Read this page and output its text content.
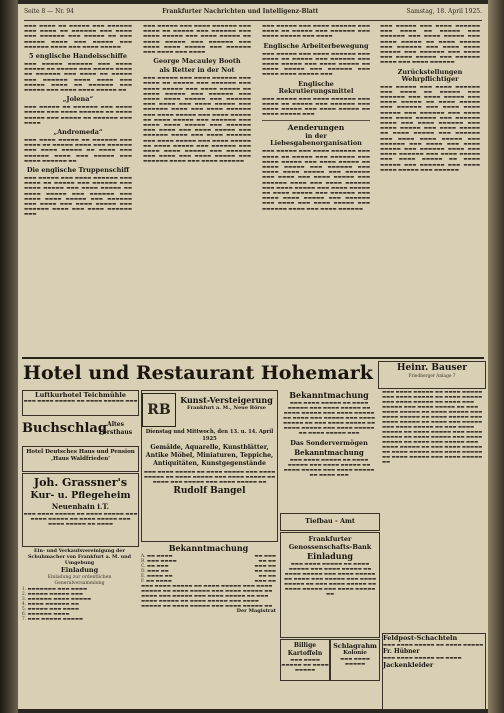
Seite 8 — Nr. 94	Frankfurter Nachrichten und Intelligenz-Blatt	Samstag, 18. April 1925.

▬▬▬ ▬▬▬▬ ▬▬ ▬▬▬▬▬ ▬▬▬ ▬▬▬▬▬▬ ▬▬▬ ▬▬▬▬ ▬▬ ▬▬▬▬▬▬ ▬▬▬ ▬▬▬▬ ▬▬▬ ▬▬▬▬▬▬ ▬▬▬ ▬▬▬▬▬ ▬▬ ▬▬▬ ▬▬▬▬▬ ▬▬▬▬ ▬▬▬ ▬▬▬▬▬ ▬▬▬ ▬▬▬▬▬▬ ▬▬▬▬ ▬▬▬ ▬▬▬▬ ▬▬▬▬▬

5 englische Handelsschiffe

▬▬▬ ▬▬▬▬▬ ▬▬▬▬▬▬ ▬▬▬ ▬▬▬▬ ▬▬▬▬▬ ▬▬ ▬▬▬▬▬ ▬▬▬ ▬▬▬▬▬ ▬▬▬▬ ▬▬ ▬▬▬▬▬▬ ▬▬▬ ▬▬▬▬ ▬▬ ▬▬▬▬▬ ▬▬▬ ▬▬▬▬▬▬ ▬▬▬▬ ▬▬▬▬ ▬▬▬ ▬▬▬▬▬ ▬▬▬▬ ▬▬ ▬▬▬▬▬▬ ▬▬▬ ▬▬▬▬▬ ▬▬▬ ▬▬▬▬ ▬▬▬▬ ▬▬▬▬▬ ▬▬

„Jolena“

▬▬▬ ▬▬▬▬▬ ▬▬ ▬▬▬▬▬▬ ▬▬▬ ▬▬▬▬ ▬▬▬▬▬ ▬▬▬ ▬▬▬▬ ▬▬▬▬▬▬ ▬▬ ▬▬▬▬ ▬▬▬▬▬ ▬▬▬ ▬▬▬▬▬ ▬▬ ▬▬▬▬▬▬ ▬▬▬ ▬▬▬▬

„Andromeda“

▬▬▬ ▬▬▬▬ ▬▬▬▬▬ ▬▬ ▬▬▬▬▬▬ ▬▬▬ ▬▬▬▬ ▬▬ ▬▬▬▬▬ ▬▬▬▬ ▬▬▬ ▬▬▬▬▬▬ ▬▬▬ ▬▬▬▬ ▬▬▬▬▬ ▬▬ ▬▬▬▬ ▬▬▬ ▬▬▬▬▬▬ ▬▬▬▬ ▬▬▬ ▬▬▬▬▬ ▬▬▬ ▬▬▬▬ ▬▬▬▬▬▬ ▬▬

Die englische Truppenschiff

▬▬▬ ▬▬▬▬▬ ▬▬▬ ▬▬▬▬ ▬▬▬▬▬▬ ▬▬▬ ▬▬▬▬ ▬▬ ▬▬▬▬▬ ▬▬▬ ▬▬▬▬▬▬ ▬▬▬ ▬▬▬▬ ▬▬▬▬▬ ▬▬▬ ▬▬▬▬ ▬▬▬▬▬ ▬▬ ▬▬▬▬ ▬▬▬▬▬ ▬▬▬ ▬▬▬▬▬▬ ▬▬▬ ▬▬▬▬ ▬▬▬▬ ▬▬▬▬▬ ▬▬▬ ▬▬▬▬▬▬ ▬▬▬ ▬▬▬▬ ▬▬▬ ▬▬▬▬ ▬▬▬▬▬ ▬▬▬ ▬▬▬▬▬▬ ▬▬▬▬ ▬▬▬ ▬▬▬▬ ▬▬▬▬▬▬ ▬▬▬

▬▬▬ ▬▬▬▬▬ ▬▬▬ ▬▬▬▬ ▬▬▬▬▬▬ ▬▬▬ ▬▬▬▬ ▬▬ ▬▬▬▬▬ ▬▬▬ ▬▬▬▬▬▬ ▬▬▬ ▬▬▬▬ ▬▬▬▬▬ ▬▬▬ ▬▬▬▬ ▬▬▬▬▬ ▬▬ ▬▬▬▬ ▬▬▬▬▬ ▬▬▬ ▬▬▬▬▬▬ ▬▬▬ ▬▬▬▬ ▬▬▬▬ ▬▬▬▬▬ ▬▬▬ ▬▬▬▬▬▬ ▬▬▬ ▬▬▬▬ ▬▬▬ ▬▬▬▬

George Macauley Booth
als Retter in der Not

▬▬▬ ▬▬▬▬▬ ▬▬▬ ▬▬▬▬ ▬▬▬▬▬▬ ▬▬▬ ▬▬▬▬ ▬▬ ▬▬▬▬▬ ▬▬▬ ▬▬▬▬▬▬ ▬▬▬ ▬▬▬▬ ▬▬▬▬▬ ▬▬▬ ▬▬▬▬ ▬▬▬▬▬ ▬▬ ▬▬▬▬ ▬▬▬▬▬ ▬▬▬ ▬▬▬▬▬▬ ▬▬▬ ▬▬▬▬ ▬▬▬▬ ▬▬▬▬▬ ▬▬▬ ▬▬▬▬▬▬ ▬▬▬ ▬▬▬▬ ▬▬▬ ▬▬▬▬ ▬▬▬▬▬ ▬▬▬ ▬▬▬▬▬▬ ▬▬▬▬ ▬▬▬ ▬▬▬▬ ▬▬▬▬▬▬ ▬▬▬ ▬▬▬▬ ▬▬▬▬▬ ▬▬▬ ▬▬▬▬ ▬▬▬▬▬ ▬▬ ▬▬▬▬ ▬▬▬▬▬ ▬▬▬ ▬▬▬▬▬▬ ▬▬▬ ▬▬▬▬ ▬▬▬▬ ▬▬▬▬▬ ▬▬▬ ▬▬▬▬▬▬ ▬▬▬ ▬▬▬▬ ▬▬▬ ▬▬▬▬ ▬▬▬▬▬ ▬▬▬ ▬▬▬▬▬▬ ▬▬▬▬ ▬▬▬ ▬▬▬▬ ▬▬▬▬▬▬ ▬▬▬ ▬▬▬▬ ▬▬▬▬▬ ▬▬▬ ▬▬▬▬ ▬▬▬▬▬ ▬▬ ▬▬▬▬ ▬▬▬▬▬ ▬▬▬ ▬▬▬▬▬▬ ▬▬▬ ▬▬▬▬ ▬▬▬▬ ▬▬▬▬▬ ▬▬▬ ▬▬▬▬▬▬ ▬▬▬ ▬▬▬▬ ▬▬▬ ▬▬▬▬ ▬▬▬▬▬ ▬▬▬ ▬▬▬▬▬▬ ▬▬▬▬ ▬▬▬ ▬▬▬▬ ▬▬▬▬▬▬

▬▬▬ ▬▬▬▬▬ ▬▬▬ ▬▬▬▬ ▬▬▬▬▬▬ ▬▬▬ ▬▬▬▬ ▬▬ ▬▬▬▬▬ ▬▬▬ ▬▬▬▬▬▬ ▬▬▬ ▬▬▬▬ ▬▬▬▬▬ ▬▬▬ ▬▬▬▬

Englische Arbeiterbewegung

▬▬▬ ▬▬▬▬▬ ▬▬▬ ▬▬▬▬ ▬▬▬▬▬▬ ▬▬▬ ▬▬▬▬ ▬▬ ▬▬▬▬▬ ▬▬▬ ▬▬▬▬▬▬ ▬▬▬ ▬▬▬▬ ▬▬▬▬▬ ▬▬▬ ▬▬▬▬ ▬▬▬▬▬ ▬▬ ▬▬▬▬ ▬▬▬▬▬ ▬▬▬ ▬▬▬▬▬▬ ▬▬▬ ▬▬▬▬ ▬▬▬▬ ▬▬▬▬▬ ▬▬▬

Englische Rekrutierungsmittel

▬▬▬ ▬▬▬▬▬ ▬▬▬ ▬▬▬▬ ▬▬▬▬▬▬ ▬▬▬ ▬▬▬▬ ▬▬ ▬▬▬▬▬ ▬▬▬ ▬▬▬▬▬▬ ▬▬▬ ▬▬▬▬ ▬▬▬▬▬ ▬▬▬ ▬▬▬▬ ▬▬▬▬▬ ▬▬ ▬▬▬▬ ▬▬▬▬▬ ▬▬▬

Aenderungen
in der Liebesgabenorganisation

▬▬▬ ▬▬▬▬▬ ▬▬▬ ▬▬▬▬ ▬▬▬▬▬▬ ▬▬▬ ▬▬▬▬ ▬▬ ▬▬▬▬▬ ▬▬▬ ▬▬▬▬▬▬ ▬▬▬ ▬▬▬▬ ▬▬▬▬▬ ▬▬▬ ▬▬▬▬ ▬▬▬▬▬ ▬▬ ▬▬▬▬ ▬▬▬▬▬ ▬▬▬ ▬▬▬▬▬▬ ▬▬▬ ▬▬▬▬ ▬▬▬▬ ▬▬▬▬▬ ▬▬▬ ▬▬▬▬▬▬ ▬▬▬ ▬▬▬▬ ▬▬▬ ▬▬▬▬ ▬▬▬▬▬ ▬▬▬ ▬▬▬▬▬▬ ▬▬▬▬ ▬▬▬ ▬▬▬▬ ▬▬▬▬▬▬ ▬▬▬ ▬▬▬▬ ▬▬▬▬▬ ▬▬▬ ▬▬▬▬ ▬▬▬▬▬ ▬▬ ▬▬▬▬ ▬▬▬▬▬ ▬▬▬ ▬▬▬▬▬▬ ▬▬▬ ▬▬▬▬ ▬▬▬▬ ▬▬▬▬▬ ▬▬▬ ▬▬▬▬▬▬ ▬▬▬ ▬▬▬▬ ▬▬▬ ▬▬▬▬ ▬▬▬▬▬ ▬▬▬ ▬▬▬▬▬▬ ▬▬▬▬ ▬▬▬ ▬▬▬▬ ▬▬▬▬▬▬

▬▬▬ ▬▬▬▬▬ ▬▬▬ ▬▬▬▬ ▬▬▬▬▬▬ ▬▬▬ ▬▬▬▬ ▬▬ ▬▬▬▬▬ ▬▬▬ ▬▬▬▬▬▬ ▬▬▬ ▬▬▬▬ ▬▬▬▬▬ ▬▬▬ ▬▬▬▬ ▬▬▬▬▬ ▬▬ ▬▬▬▬ ▬▬▬▬▬ ▬▬▬ ▬▬▬▬▬▬ ▬▬▬ ▬▬▬▬ ▬▬▬▬ ▬▬▬▬▬ ▬▬▬ ▬▬▬▬▬▬ ▬▬▬ ▬▬▬▬ ▬▬▬ ▬▬▬▬ ▬▬▬▬▬ ▬▬▬ ▬▬▬▬▬▬ ▬▬▬▬ ▬▬▬ ▬▬▬▬ ▬▬▬▬▬▬

Zurückstellungen Wehrpflichtiger

▬▬▬ ▬▬▬▬▬ ▬▬▬ ▬▬▬▬ ▬▬▬▬▬▬ ▬▬▬ ▬▬▬▬ ▬▬ ▬▬▬▬▬ ▬▬▬ ▬▬▬▬▬▬ ▬▬▬ ▬▬▬▬ ▬▬▬▬▬ ▬▬▬ ▬▬▬▬ ▬▬▬▬▬ ▬▬ ▬▬▬▬ ▬▬▬▬▬ ▬▬▬ ▬▬▬▬▬▬ ▬▬▬ ▬▬▬▬ ▬▬▬▬ ▬▬▬▬▬ ▬▬▬ ▬▬▬▬▬▬ ▬▬▬ ▬▬▬▬ ▬▬▬ ▬▬▬▬ ▬▬▬▬▬ ▬▬▬ ▬▬▬▬▬▬ ▬▬▬▬ ▬▬▬ ▬▬▬▬ ▬▬▬▬▬▬ ▬▬▬ ▬▬▬▬ ▬▬▬▬▬ ▬▬▬ ▬▬▬▬ ▬▬▬▬▬ ▬▬ ▬▬▬▬ ▬▬▬▬▬ ▬▬▬ ▬▬▬▬▬▬ ▬▬▬ ▬▬▬▬ ▬▬▬▬ ▬▬▬▬▬ ▬▬▬ ▬▬▬▬▬▬ ▬▬▬ ▬▬▬▬ ▬▬▬ ▬▬▬▬ ▬▬▬▬▬ ▬▬▬ ▬▬▬▬▬▬ ▬▬▬▬ ▬▬▬ ▬▬▬▬ ▬▬▬▬▬▬ ▬▬▬ ▬▬▬▬ ▬▬▬▬▬ ▬▬▬ ▬▬▬▬ ▬▬▬▬▬ ▬▬ ▬▬▬▬ ▬▬▬▬▬ ▬▬▬ ▬▬▬▬▬▬ ▬▬▬ ▬▬▬▬ ▬▬▬▬ ▬▬▬▬▬ ▬▬▬ ▬▬▬▬▬▬

Hotel und Restaurant Hohemark	Heinr. Bauser
Friedberger Anlage 7
Luftkurhotel Teichmühle
▬▬▬ ▬▬▬▬ ▬▬▬▬▬ ▬▬ ▬▬▬▬ ▬▬▬▬▬ ▬▬▬
Buchschlag Altes Forsthaus
Hotel Deutsches Haus und Pension ,Haus Waldfrieden'
Joh. Grassner's
Kur- u. Pflegeheim
Neuenhain i.T.
▬▬▬ ▬▬▬▬ ▬▬▬▬▬ ▬▬ ▬▬▬▬ ▬▬▬▬▬ ▬▬▬ ▬▬▬▬ ▬▬▬▬▬ ▬▬ ▬▬▬▬ ▬▬▬▬▬ ▬▬▬ ▬▬▬▬ ▬▬▬▬▬ ▬▬ ▬▬▬▬
Ein- und Verkaufsvereinigung der Schuhmacher von Frankfurt a. M. und Umgebung
Einladung
Einladung zur ordentlichen Generalversammlung
1. ▬▬▬▬▬▬▬ ▬▬▬ ▬▬▬▬
2. ▬▬▬▬▬ ▬▬▬▬▬ ▬▬▬
3. ▬▬▬▬▬▬ ▬▬▬▬ ▬▬▬▬▬
4. ▬▬▬▬ ▬▬▬▬▬▬ ▬▬
5. ▬▬▬▬▬ ▬▬▬ ▬▬▬▬
6. ▬▬▬▬▬▬ ▬▬▬▬
7. ▬▬▬ ▬▬▬▬▬ ▬▬▬▬▬
RB
Kunst-Versteigerung
Frankfurt a. M., Neue Börse
Dienstag und Mittwoch, den 13. u. 14. April 1925
Gemälde, Aquarelle, Kunstblätter, Antike Möbel, Miniaturen, Teppiche, Antiquitäten, Kunstgegenstände
▬▬▬ ▬▬▬▬ ▬▬▬▬▬ ▬▬ ▬▬▬▬ ▬▬▬▬▬ ▬▬▬ ▬▬▬▬ ▬▬▬▬▬ ▬▬ ▬▬▬▬ ▬▬▬▬▬ ▬▬▬ ▬▬▬▬ ▬▬▬▬▬ ▬▬ ▬▬▬▬ ▬▬▬ ▬▬▬▬▬ ▬▬▬ ▬▬▬▬ ▬▬▬▬▬ ▬▬
Rudolf Bangel
Bekanntmachung
A. ▬▬ ▬▬▬▬	▬▬ ▬▬▬
B. ▬▬▬ ▬▬▬▬	▬▬ ▬▬
C. ▬▬ ▬▬▬	▬▬▬ ▬▬
D. ▬▬▬ ▬▬	▬▬ ▬▬▬
E. ▬▬▬▬ ▬▬	▬▬ ▬▬
F. ▬▬ ▬▬▬▬	▬▬▬ ▬▬
▬▬▬ ▬▬▬▬ ▬▬▬▬▬ ▬▬ ▬▬▬▬ ▬▬▬▬▬ ▬▬▬ ▬▬▬▬ ▬▬▬▬▬ ▬▬ ▬▬▬▬ ▬▬▬▬▬ ▬▬▬ ▬▬▬▬ ▬▬▬▬▬ ▬▬ ▬▬▬▬ ▬▬▬ ▬▬▬▬▬ ▬▬▬ ▬▬▬▬ ▬▬▬▬▬ ▬▬ ▬▬▬ ▬▬▬▬ ▬▬▬▬▬ ▬▬ ▬▬▬▬ ▬▬▬▬▬ ▬▬▬ ▬▬▬▬ ▬▬▬▬▬ ▬▬ ▬▬▬▬ ▬▬▬▬▬ ▬▬▬ ▬▬▬▬ ▬▬▬▬▬ ▬▬
Der Magistrat
Bekanntmachung
▬▬▬ ▬▬▬▬ ▬▬▬▬▬ ▬▬ ▬▬▬▬ ▬▬▬▬▬ ▬▬▬ ▬▬▬▬ ▬▬▬▬▬ ▬▬ ▬▬▬▬ ▬▬▬▬▬ ▬▬▬ ▬▬▬▬ ▬▬▬▬▬ ▬▬ ▬▬▬▬ ▬▬▬ ▬▬▬▬▬ ▬▬▬ ▬▬▬▬ ▬▬▬▬▬ ▬▬ ▬▬▬ ▬▬▬▬ ▬▬▬▬▬ ▬▬ ▬▬▬▬ ▬▬▬▬▬ ▬▬▬ ▬▬▬▬ ▬▬▬▬▬ ▬▬ ▬▬▬▬ ▬▬▬▬▬ ▬▬▬
Das Sondervermögen
Bekanntmachung
▬▬▬ ▬▬▬▬ ▬▬▬▬▬ ▬▬ ▬▬▬▬ ▬▬▬▬▬ ▬▬▬ ▬▬▬▬ ▬▬▬▬▬ ▬▬ ▬▬▬▬ ▬▬▬▬▬ ▬▬▬ ▬▬▬▬ ▬▬▬▬▬ ▬▬ ▬▬▬▬ ▬▬▬
Tiefbau - Amt
Frankfurter Genossenschafts-Bank
Einladung
▬▬▬ ▬▬▬▬ ▬▬▬▬▬ ▬▬ ▬▬▬▬ ▬▬▬▬▬ ▬▬▬ ▬▬▬▬ ▬▬▬▬▬ ▬▬ ▬▬▬▬ ▬▬▬▬▬ ▬▬▬ ▬▬▬▬ ▬▬▬▬▬ ▬▬ ▬▬▬▬ ▬▬▬ ▬▬▬▬▬ ▬▬▬ ▬▬▬▬ ▬▬▬▬▬ ▬▬ ▬▬▬ ▬▬▬▬ ▬▬▬▬▬ ▬▬ ▬▬▬▬ ▬▬▬▬▬ ▬▬▬ ▬▬▬▬ ▬▬▬▬▬ ▬▬
Billige Kartoffeln
▬▬▬ ▬▬▬▬ ▬▬▬▬▬ ▬▬ ▬▬▬▬ ▬▬▬▬▬
Schlagrahm
Kolonie
▬▬▬ ▬▬▬▬ ▬▬▬▬▬
▬▬▬ ▬▬▬▬ ▬▬▬▬▬ ▬▬ ▬▬▬▬ ▬▬▬▬▬ ▬▬▬ ▬▬▬▬ ▬▬▬▬▬ ▬▬ ▬▬▬▬ ▬▬▬▬▬ ▬▬▬ ▬▬▬▬ ▬▬▬▬▬ ▬▬ ▬▬▬▬ ▬▬▬ ▬▬▬▬▬ ▬▬▬ ▬▬▬▬ ▬▬▬▬▬ ▬▬ ▬▬▬ ▬▬▬▬ ▬▬▬▬▬ ▬▬ ▬▬▬▬ ▬▬▬▬▬ ▬▬▬ ▬▬▬▬ ▬▬▬▬▬ ▬▬ ▬▬▬▬ ▬▬▬▬▬ ▬▬▬ ▬▬▬▬ ▬▬▬▬▬ ▬▬ ▬▬▬▬ ▬▬▬ ▬▬▬▬▬ ▬▬▬ ▬▬▬▬ ▬▬▬▬▬ ▬▬ ▬▬▬ ▬▬▬▬ ▬▬▬▬▬ ▬▬ ▬▬▬▬ ▬▬▬▬▬ ▬▬▬ ▬▬▬▬ ▬▬▬▬▬ ▬▬ ▬▬▬▬ ▬▬▬▬▬ ▬▬▬ ▬▬▬▬ ▬▬▬▬▬ ▬▬ ▬▬▬▬ ▬▬▬ ▬▬▬▬▬ ▬▬▬ ▬▬▬▬ ▬▬▬▬▬ ▬▬ ▬▬▬ ▬▬▬▬ ▬▬▬▬▬ ▬▬ ▬▬▬▬ ▬▬▬▬▬ ▬▬▬ ▬▬▬▬ ▬▬▬▬▬ ▬▬ ▬▬▬▬ ▬▬▬▬▬ ▬▬▬ ▬▬▬▬ ▬▬▬▬▬ ▬▬
Feldpost-Schachteln
▬▬▬ ▬▬▬▬ ▬▬▬▬▬ ▬▬ ▬▬▬▬ ▬▬▬▬▬
Fr. Hübner
▬▬▬ ▬▬▬▬ ▬▬▬▬▬ ▬▬ ▬▬▬▬
Jackenkleider
